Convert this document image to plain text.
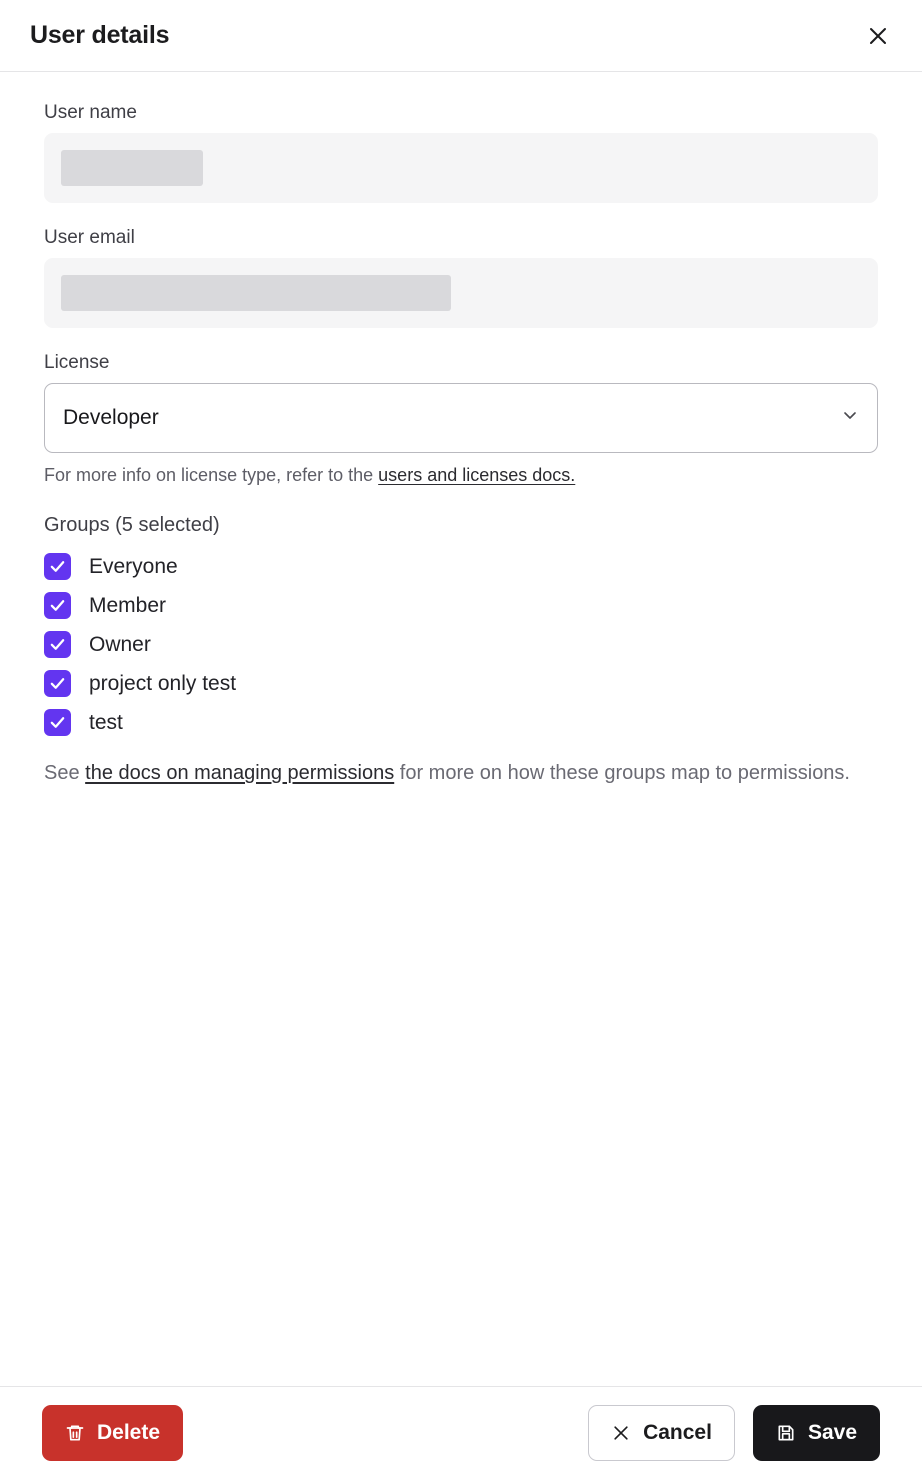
User details
User name
User email
License
Developer
For more info on license type, refer to the users and licenses docs.
Groups (5 selected)
Everyone
Member
Owner
project only test
test
See the docs on managing permissions for more on how these groups map to permissions.
Delete	Cancel	Save
